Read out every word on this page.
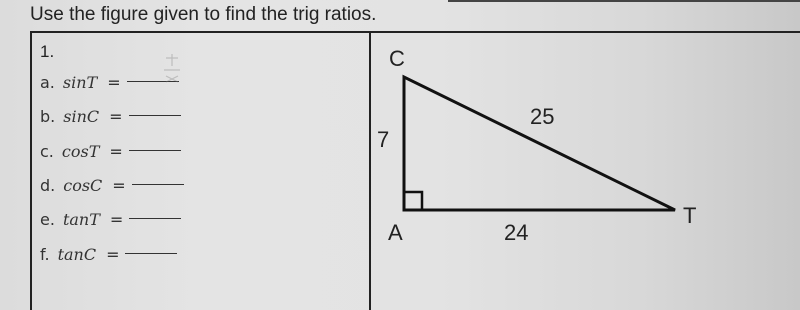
Use the figure given to find the trig ratios.
1.
a. sinT =
b. sinC =
c. cosT =
d. cosC =
e. tanT =
f. tanC =
C
A
T
7
25
24
